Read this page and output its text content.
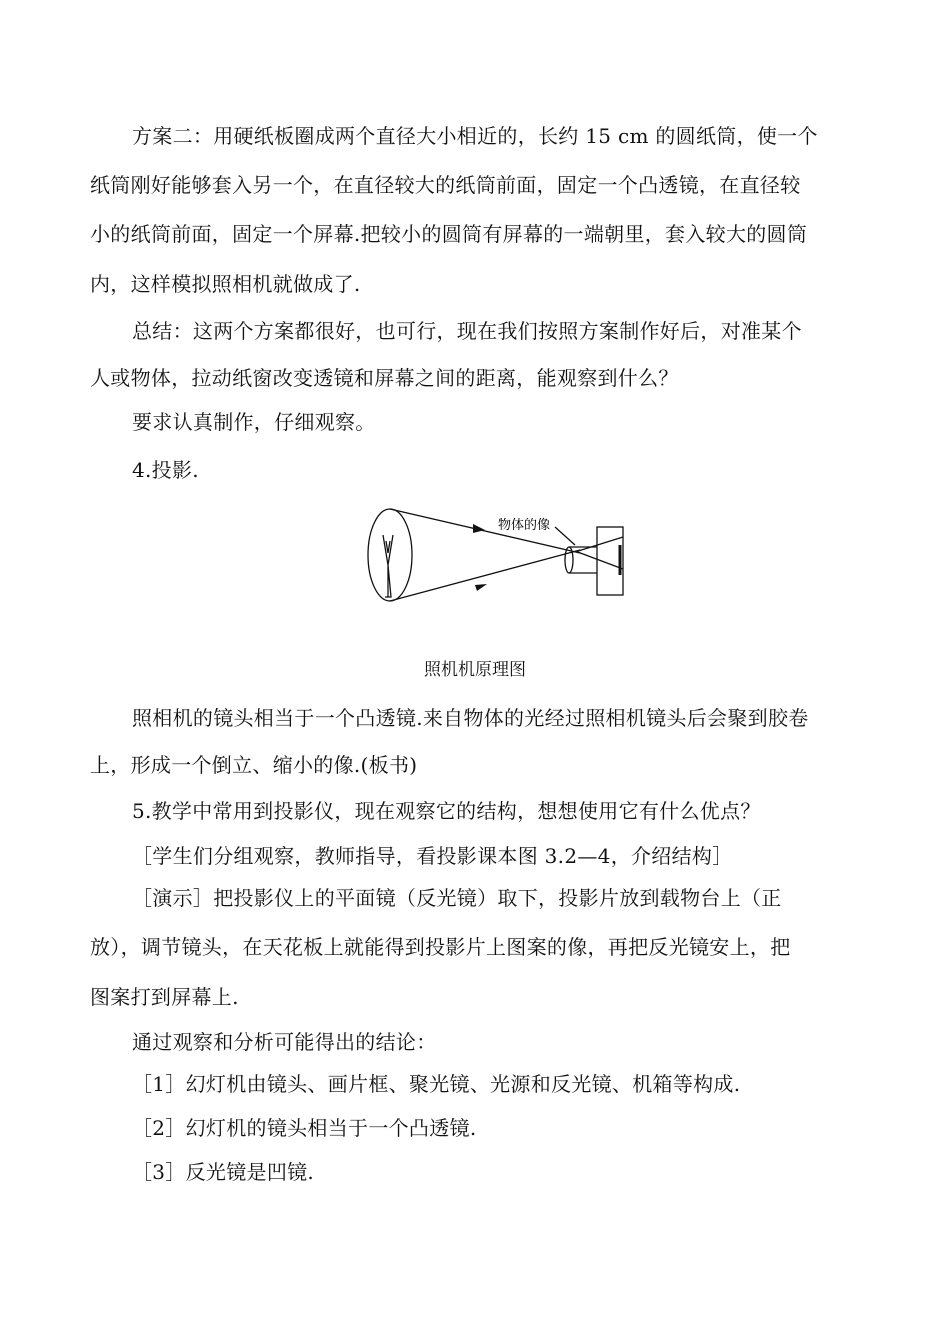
方案二：用硬纸板圈成两个直径大小相近的，长约 15 cm 的圆纸筒，使一个
纸筒刚好能够套入另一个，在直径较大的纸筒前面，固定一个凸透镜，在直径较
小的纸筒前面，固定一个屏幕.把较小的圆筒有屏幕的一端朝里，套入较大的圆筒
内，这样模拟照相机就做成了.
总结：这两个方案都很好，也可行，现在我们按照方案制作好后，对准某个
人或物体，拉动纸窗改变透镜和屏幕之间的距离，能观察到什么？
要求认真制作，仔细观察。
4.投影.
物体的像
照机机原理图
照相机的镜头相当于一个凸透镜.来自物体的光经过照相机镜头后会聚到胶卷
上，形成一个倒立、缩小的像.(板书)
5.教学中常用到投影仪，现在观察它的结构，想想使用它有什么优点？
［学生们分组观察，教师指导，看投影课本图 3.2—4，介绍结构］
［演示］把投影仪上的平面镜（反光镜）取下，投影片放到载物台上（正
放），调节镜头，在天花板上就能得到投影片上图案的像，再把反光镜安上，把
图案打到屏幕上.
通过观察和分析可能得出的结论：
［1］幻灯机由镜头、画片框、聚光镜、光源和反光镜、机箱等构成.
［2］幻灯机的镜头相当于一个凸透镜.
［3］反光镜是凹镜.
